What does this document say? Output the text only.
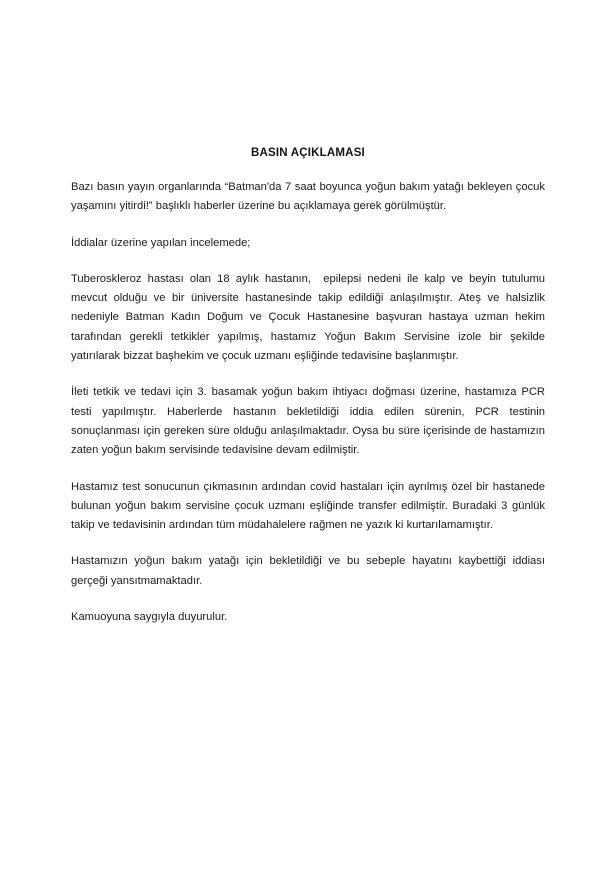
BASIN AÇIKLAMASI

Bazı basın yayın organlarında “Batman'da 7 saat boyunca yoğun bakım yatağı bekleyen çocuk yaşamını yitirdi!” başlıklı haberler üzerine bu açıklamaya gerek görülmüştür.

İddialar üzerine yapılan incelemede;

Tuberoskleroz hastası olan 18 aylık hastanın,  epilepsi nedeni ile kalp ve beyin tutulumu mevcut olduğu ve bir üniversite hastanesinde takip edildiği anlaşılmıştır. Ateş ve halsizlik nedeniyle Batman Kadın Doğum ve Çocuk Hastanesine başvuran hastaya uzman hekim tarafından gerekli tetkikler yapılmış, hastamız Yoğun Bakım Servisine izole bir şekilde yatırılarak bizzat başhekim ve çocuk uzmanı eşliğinde tedavisine başlanmıştır.

İleti tetkik ve tedavi için 3. basamak yoğun bakım ihtiyacı doğması üzerine, hastamıza PCR testi yapılmıştır. Haberlerde hastanın bekletildiği iddia edilen sürenin, PCR testinin sonuçlanması için gereken süre olduğu anlaşılmaktadır. Oysa bu süre içerisinde de hastamızın zaten yoğun bakım servisinde tedavisine devam edilmiştir.

Hastamız test sonucunun çıkmasının ardından covid hastaları için ayrılmış özel bir hastanede bulunan yoğun bakım servisine çocuk uzmanı eşliğinde transfer edilmiştir. Buradaki 3 günlük takip ve tedavisinin ardından tüm müdahalelere rağmen ne yazık ki kurtarılamamıştır.

Hastamızın yoğun bakım yatağı için bekletildiği ve bu sebeple hayatını kaybettiği iddiası gerçeği yansıtmamaktadır.

Kamuoyuna saygıyla duyurulur.
